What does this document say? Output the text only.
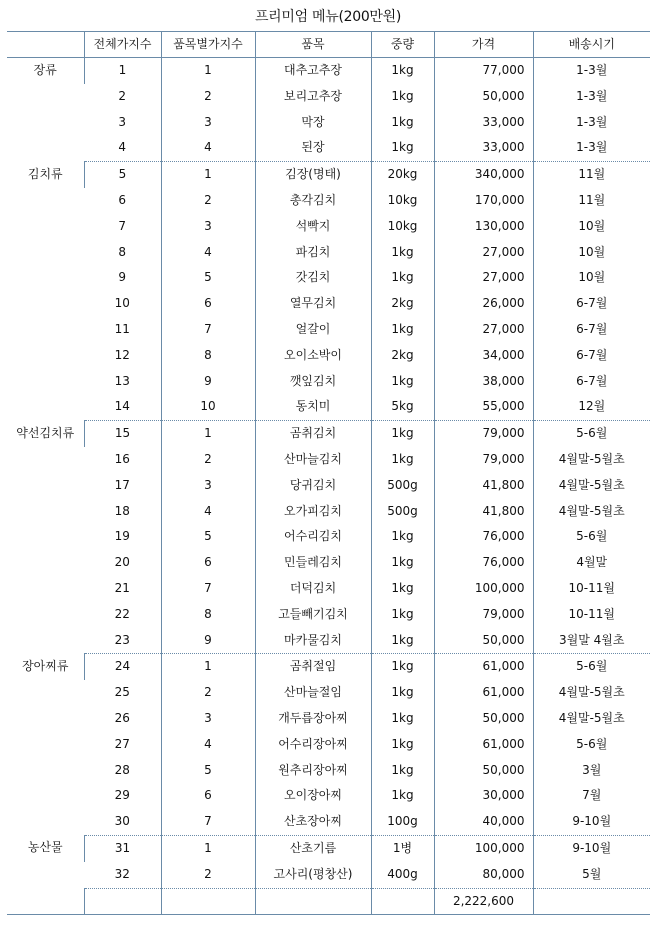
프리미엄 메뉴(200만원)
	전체가지수	품목별가지수	품목	중량	가격	배송시기
장류	1	1	대추고추장	1kg	77,000	1-3월
	2	2	보리고추장	1kg	50,000	1-3월
	3	3	막장	1kg	33,000	1-3월
	4	4	된장	1kg	33,000	1-3월
김치류	5	1	김장(명태)	20kg	340,000	11월
	6	2	총각김치	10kg	170,000	11월
	7	3	석빡지	10kg	130,000	10월
	8	4	파김치	1kg	27,000	10월
	9	5	갓김치	1kg	27,000	10월
	10	6	열무김치	2kg	26,000	6-7월
	11	7	얼갈이	1kg	27,000	6-7월
	12	8	오이소박이	2kg	34,000	6-7월
	13	9	깻잎김치	1kg	38,000	6-7월
	14	10	동치미	5kg	55,000	12월
약선김치류	15	1	곰취김치	1kg	79,000	5-6월
	16	2	산마늘김치	1kg	79,000	4월말-5월초
	17	3	당귀김치	500g	41,800	4월말-5월초
	18	4	오가피김치	500g	41,800	4월말-5월초
	19	5	어수리김치	1kg	76,000	5-6월
	20	6	민들레김치	1kg	76,000	4월말
	21	7	더덕김치	1kg	100,000	10-11월
	22	8	고들빼기김치	1kg	79,000	10-11월
	23	9	마카물김치	1kg	50,000	3월말 4월초
장아찌류	24	1	곰취절임	1kg	61,000	5-6월
	25	2	산마늘절임	1kg	61,000	4월말-5월초
	26	3	개두릅장아찌	1kg	50,000	4월말-5월초
	27	4	어수리장아찌	1kg	61,000	5-6월
	28	5	원추리장아찌	1kg	50,000	3월
	29	6	오이장아찌	1kg	30,000	7월
	30	7	산초장아찌	100g	40,000	9-10월
농산물	31	1	산초기름	1병	100,000	9-10월
	32	2	고사리(평창산)	400g	80,000	5월
					2,222,600	
